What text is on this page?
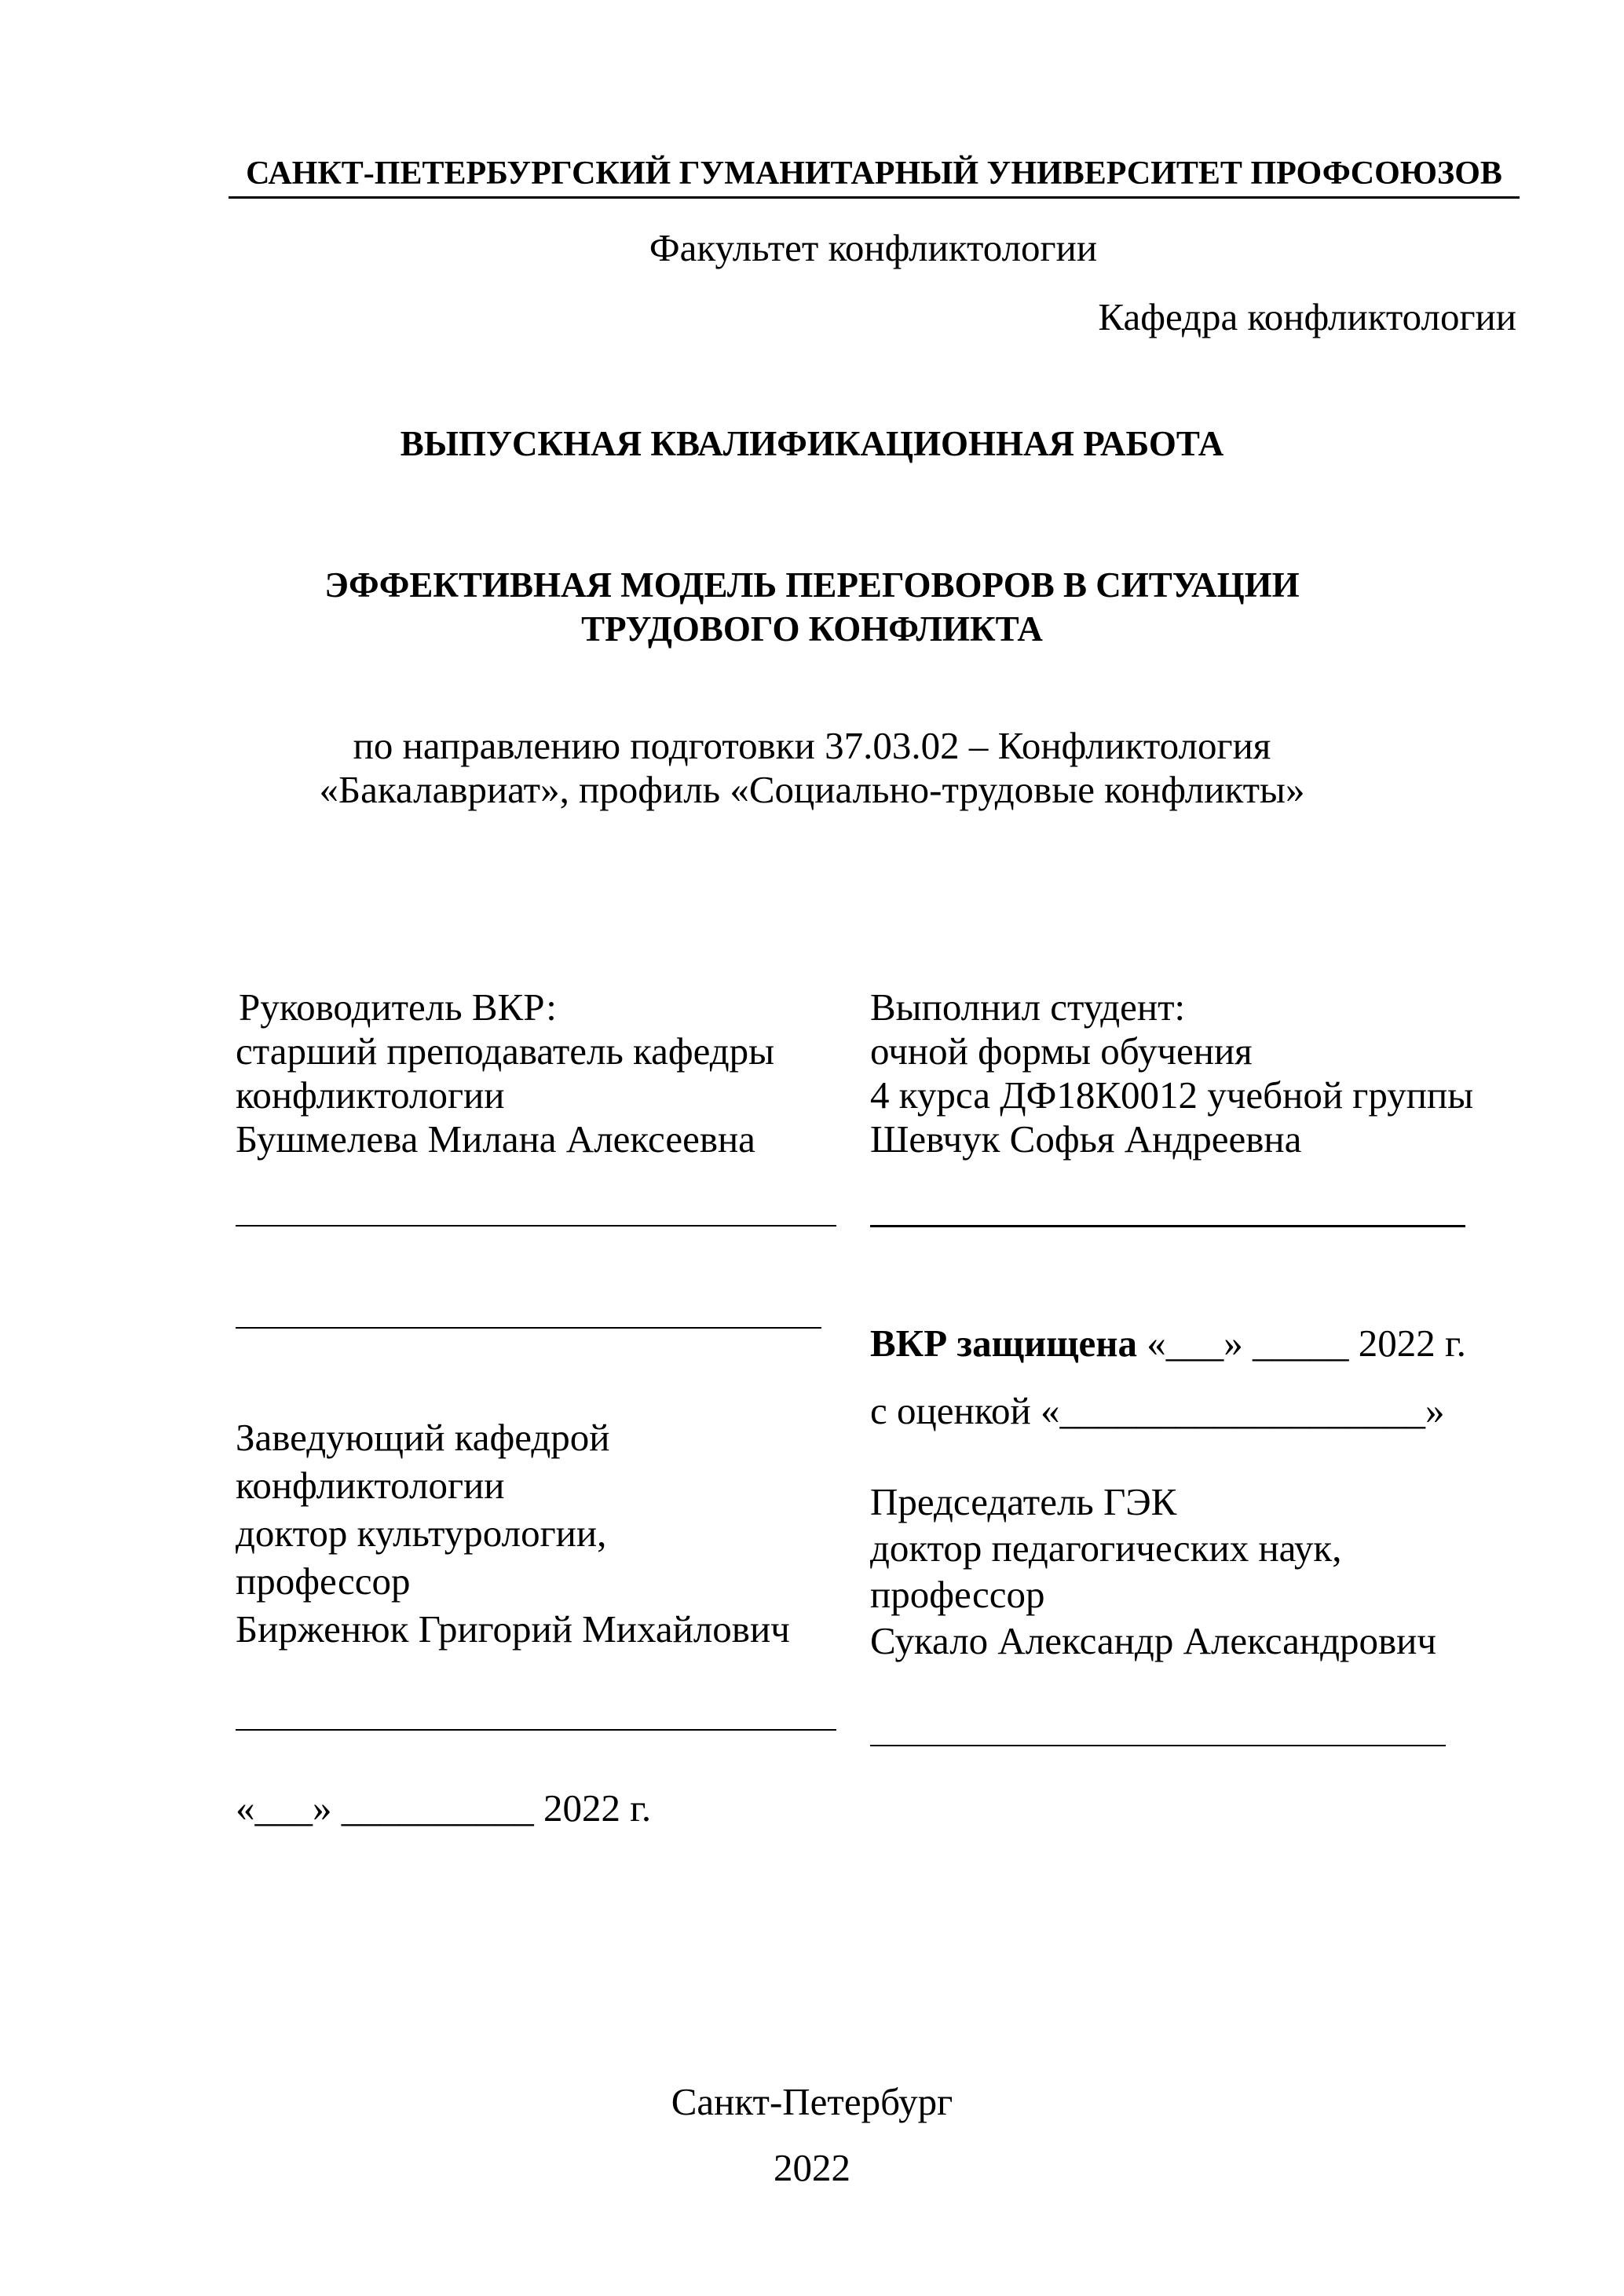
САНКТ-ПЕТЕРБУРГСКИЙ ГУМАНИТАРНЫЙ УНИВЕРСИТЕТ ПРОФСОЮЗОВ
Факультет конфликтологии
Кафедра конфликтологии
ВЫПУСКНАЯ КВАЛИФИКАЦИОННАЯ РАБОТА
ЭФФЕКТИВНАЯ МОДЕЛЬ ПЕРЕГОВОРОВ В СИТУАЦИИ
ТРУДОВОГО КОНФЛИКТА
по направлению подготовки 37.03.02 – Конфликтология
«Бакалавриат», профиль «Социально-трудовые конфликты»
Руководитель ВКР:
старший преподаватель кафедры
конфликтологии
Бушмелева Милана Алексеевна
Выполнил студент:
очной формы обучения
4 курса ДФ18К0012 учебной группы
Шевчук Софья Андреевна
ВКР защищена «___» _____ 2022 г.
с оценкой «___________________»
Заведующий кафедрой
конфликтологии
доктор культурологии,
профессор
Бирженюк Григорий Михайлович
Председатель ГЭК
доктор педагогических наук,
профессор
Сукало Александр Александрович
«___» __________ 2022 г.
Санкт-Петербург
2022
